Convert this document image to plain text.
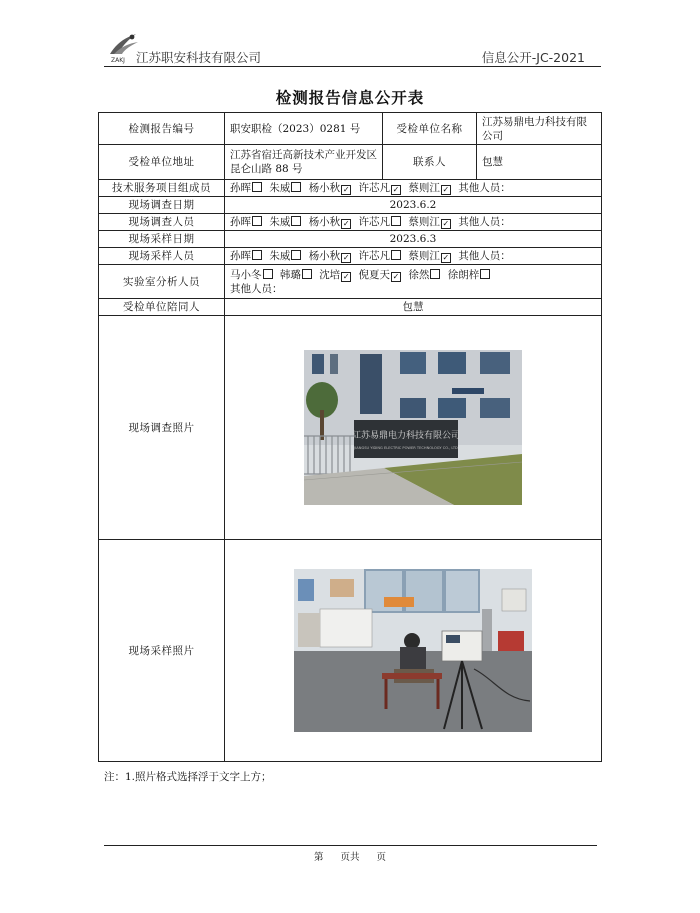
ZAKJ 江苏职安科技有限公司	信息公开-JC-2021
检测报告信息公开表
检测报告编号	职安职检（2023）0281 号	受检单位名称	江苏易鼎电力科技有限公司
受检单位地址	江苏省宿迁高新技术产业开发区昆仑山路 88 号	联系人	包慧
技术服务项目组成员	孙晖 朱威 杨小秋 ✓ 许芯凡 ✓ 蔡则江 ✓ 其他人员：		
现场调查日期	2023.6.2		
现场调查人员	孙晖 朱威 杨小秋 ✓ 许芯凡 蔡则江 ✓ 其他人员：		
现场采样日期	2023.6.3		
现场采样人员	孙晖 朱威 杨小秋 ✓ 许芯凡 蔡则江 ✓ 其他人员：		
实验室分析人员	马小冬 韩璐 沈培 ✓ 倪夏天 ✓ 徐然 徐朗梓
其他人员：		
受检单位陪同人	包慧		
现场调查照片	江苏易鼎电力科技有限公司
JIANGSU YIDING ELECTRIC POWER TECHNOLOGY CO., LTD		

现场采样照片	
注：1.照片格式选择浮于文字上方；
第 页共 页
